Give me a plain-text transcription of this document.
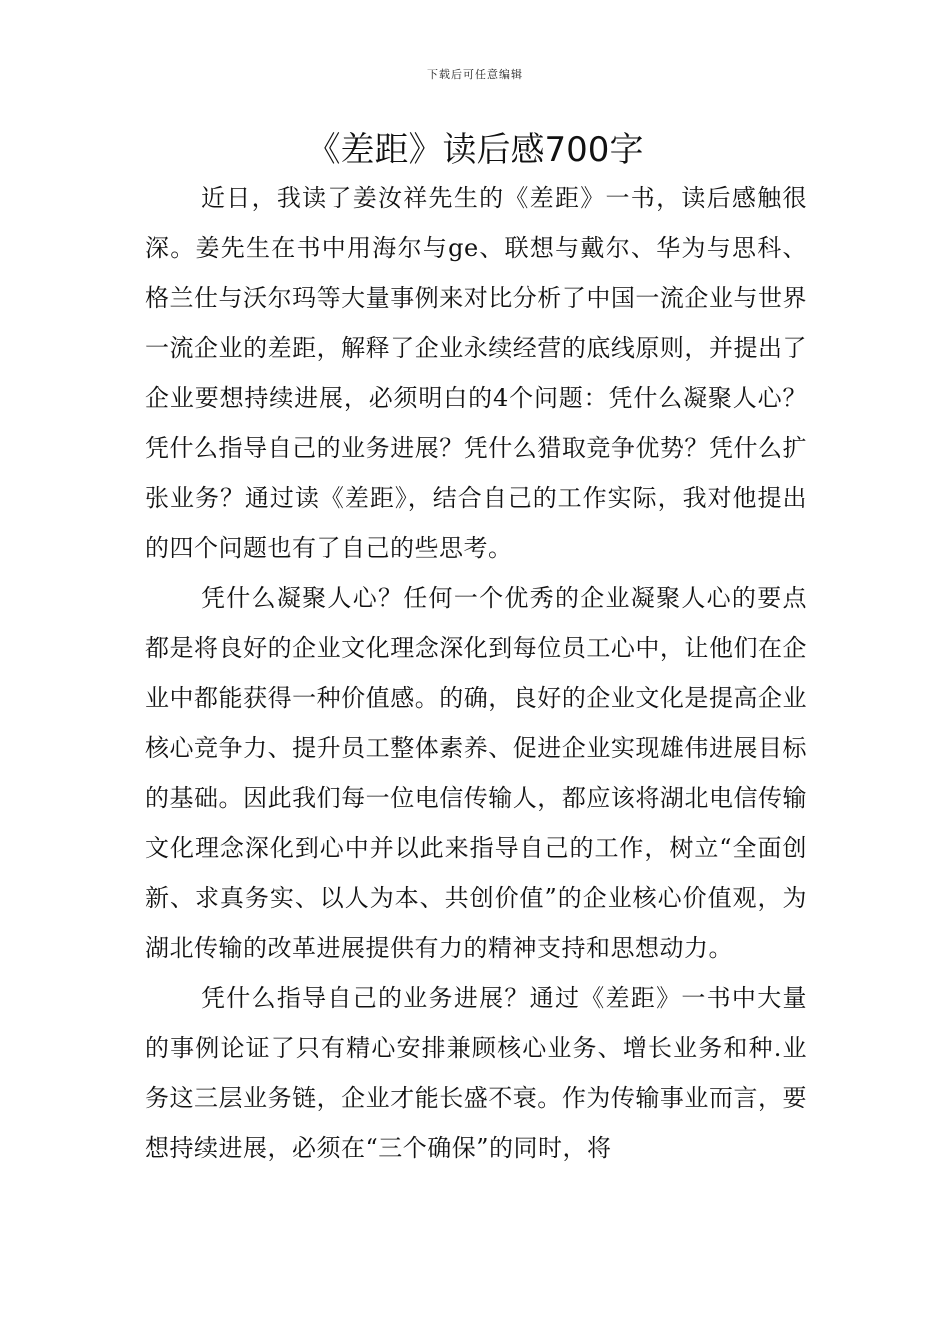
下载后可任意编辑
《差距》读后感700字

近日，我读了姜汝祥先生的《差距》一书，读后感触很深。姜先生在书中用海尔与ge、联想与戴尔、华为与思科、格兰仕与沃尔玛等大量事例来对比分析了中国一流企业与世界一流企业的差距，解释了企业永续经营的底线原则，并提出了企业要想持续进展，必须明白的4个问题：凭什么凝聚人心？凭什么指导自己的业务进展？凭什么猎取竞争优势？凭什么扩张业务？通过读《差距》，结合自己的工作实际，我对他提出的四个问题也有了自己的些思考。

凭什么凝聚人心？任何一个优秀的企业凝聚人心的要点都是将良好的企业文化理念深化到每位员工心中，让他们在企业中都能获得一种价值感。的确，良好的企业文化是提高企业核心竞争力、提升员工整体素养、促进企业实现雄伟进展目标的基础。因此我们每一位电信传输人，都应该将湖北电信传输文化理念深化到心中并以此来指导自己的工作，树立“全面创新、求真务实、以人为本、共创价值”的企业核心价值观，为湖北传输的改革进展提供有力的精神支持和思想动力。

凭什么指导自己的业务进展？通过《差距》一书中大量的事例论证了只有精心安排兼顾核心业务、增长业务和种.业务这三层业务链，企业才能长盛不衰。作为传输事业而言，要想持续进展，必须在“三个确保”的同时，将
